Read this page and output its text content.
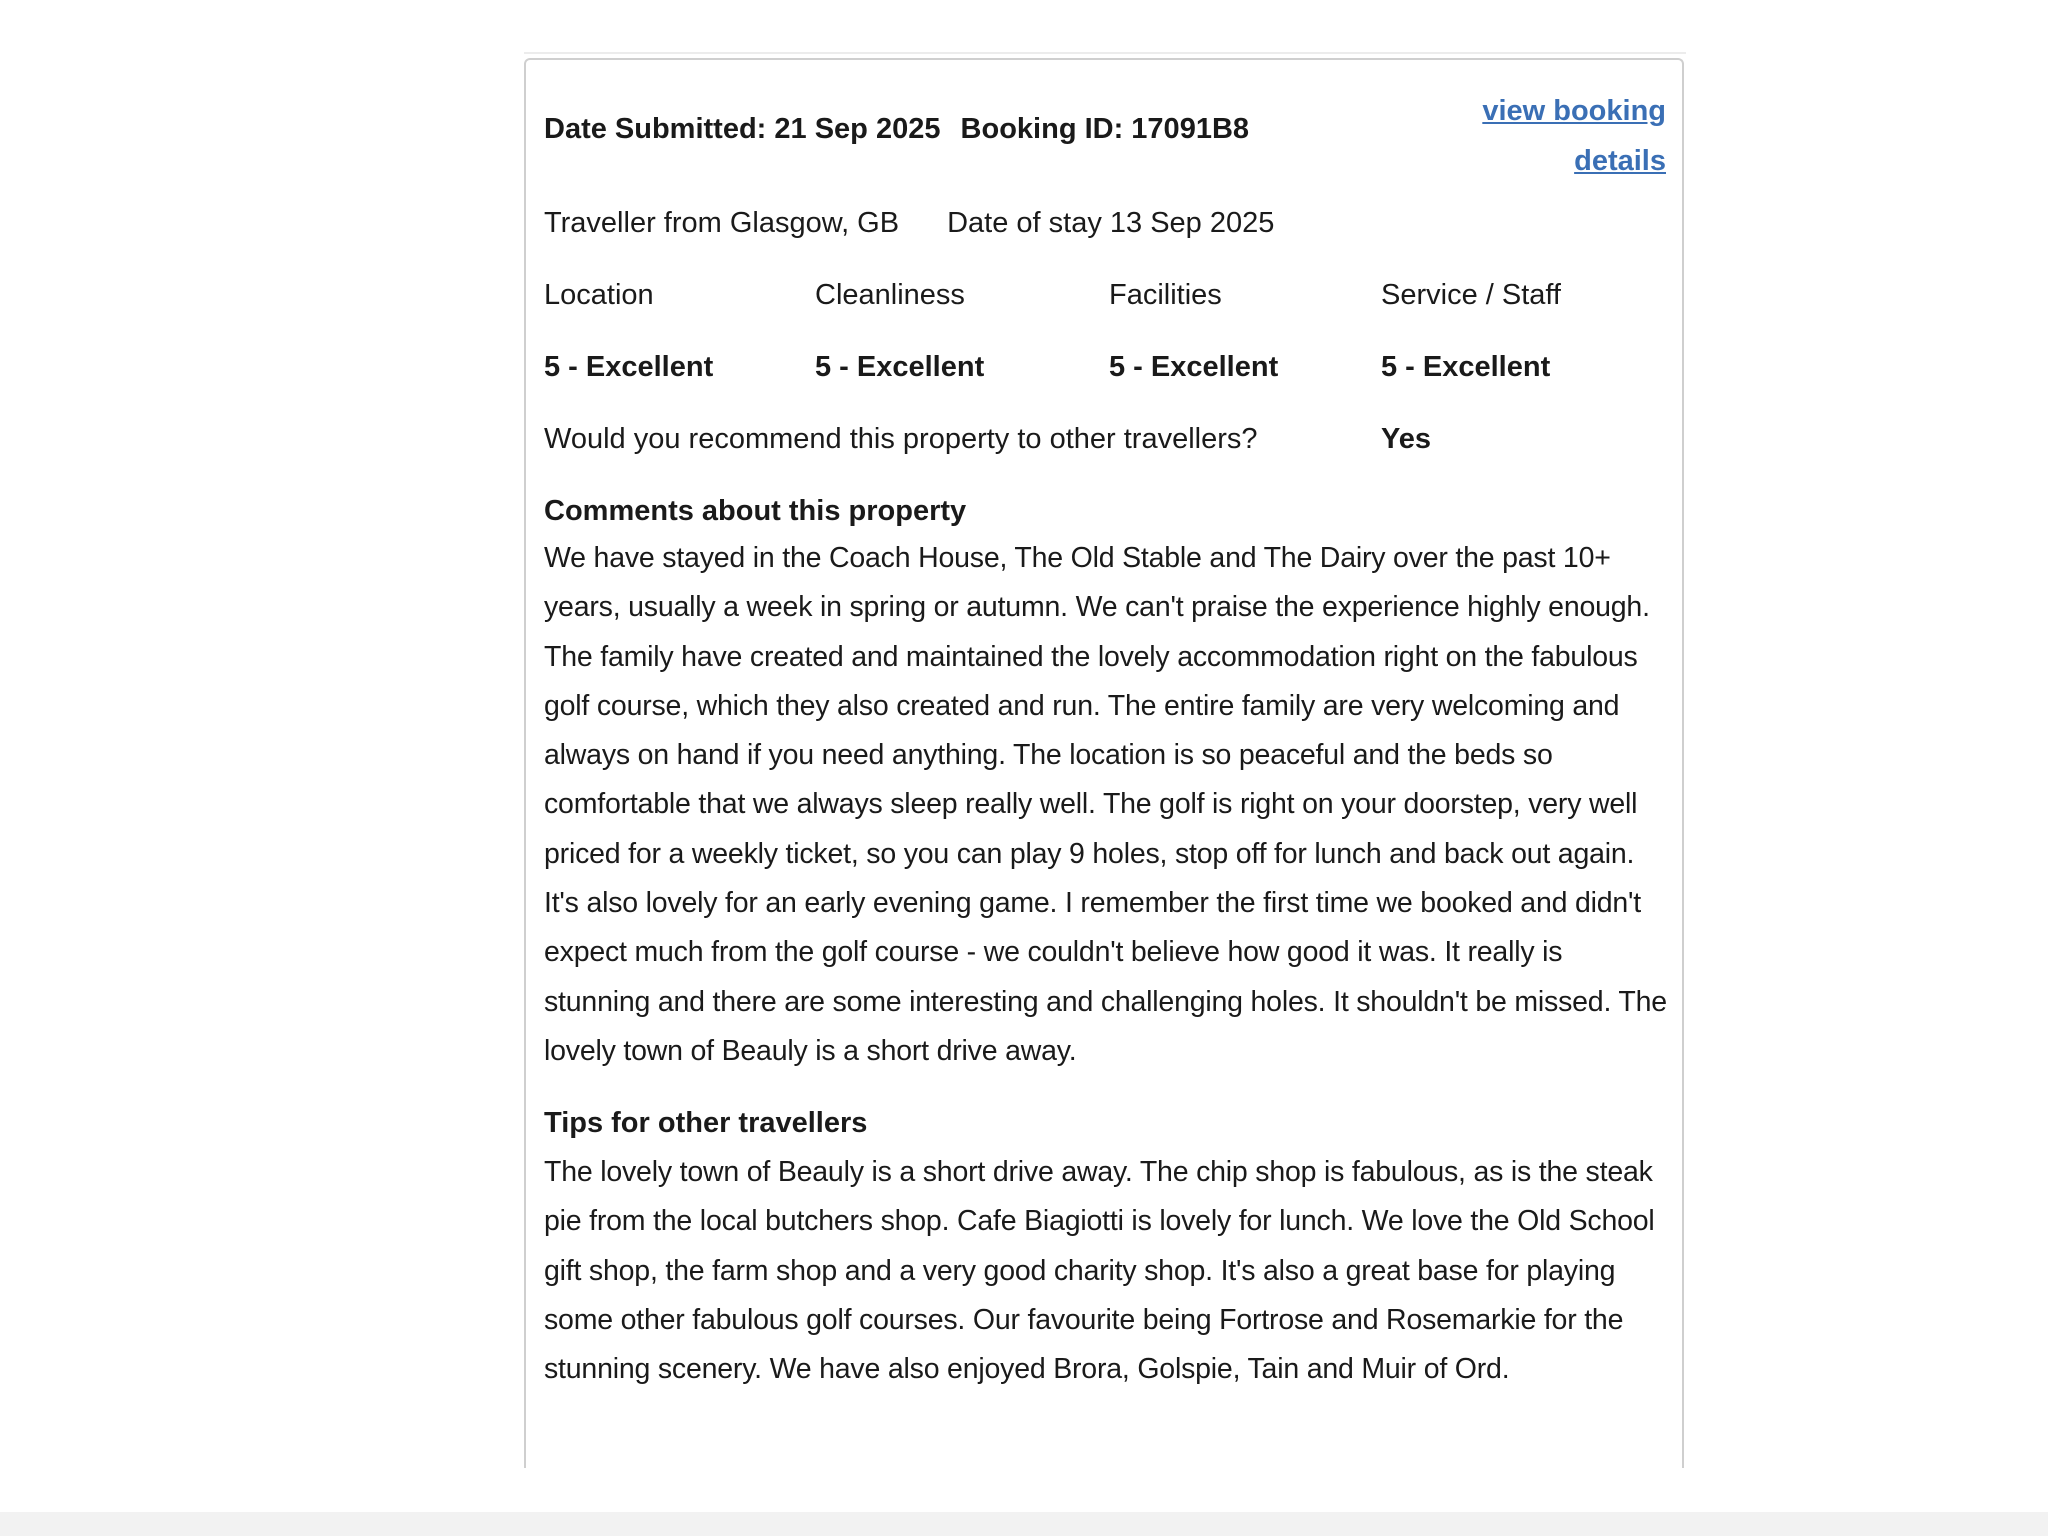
Date Submitted: 21 Sep 2025 Booking ID: 17091B8
view booking
details
Traveller from Glasgow, GB Date of stay 13 Sep 2025
Location	Cleanliness	Facilities	Service / Staff
5 - Excellent	5 - Excellent	5 - Excellent	5 - Excellent
Would you recommend this property to other travellers?	Yes
Comments about this property
We have stayed in the Coach House, The Old Stable and The Dairy over the past 10+ years, usually a week in spring or autumn. We can't praise the experience highly enough. The family have created and maintained the lovely accommodation right on the fabulous golf course, which they also created and run. The entire family are very welcoming and always on hand if you need anything. The location is so peaceful and the beds so comfortable that we always sleep really well. The golf is right on your doorstep, very well priced for a weekly ticket, so you can play 9 holes, stop off for lunch and back out again. It's also lovely for an early evening game. I remember the first time we booked and didn't expect much from the golf course - we couldn't believe how good it was. It really is stunning and there are some interesting and challenging holes. It shouldn't be missed. The lovely town of Beauly is a short drive away.
Tips for other travellers
The lovely town of Beauly is a short drive away. The chip shop is fabulous, as is the steak pie from the local butchers shop. Cafe Biagiotti is lovely for lunch. We love the Old School gift shop, the farm shop and a very good charity shop. It's also a great base for playing some other fabulous golf courses. Our favourite being Fortrose and Rosemarkie for the stunning scenery. We have also enjoyed Brora, Golspie, Tain and Muir of Ord.
